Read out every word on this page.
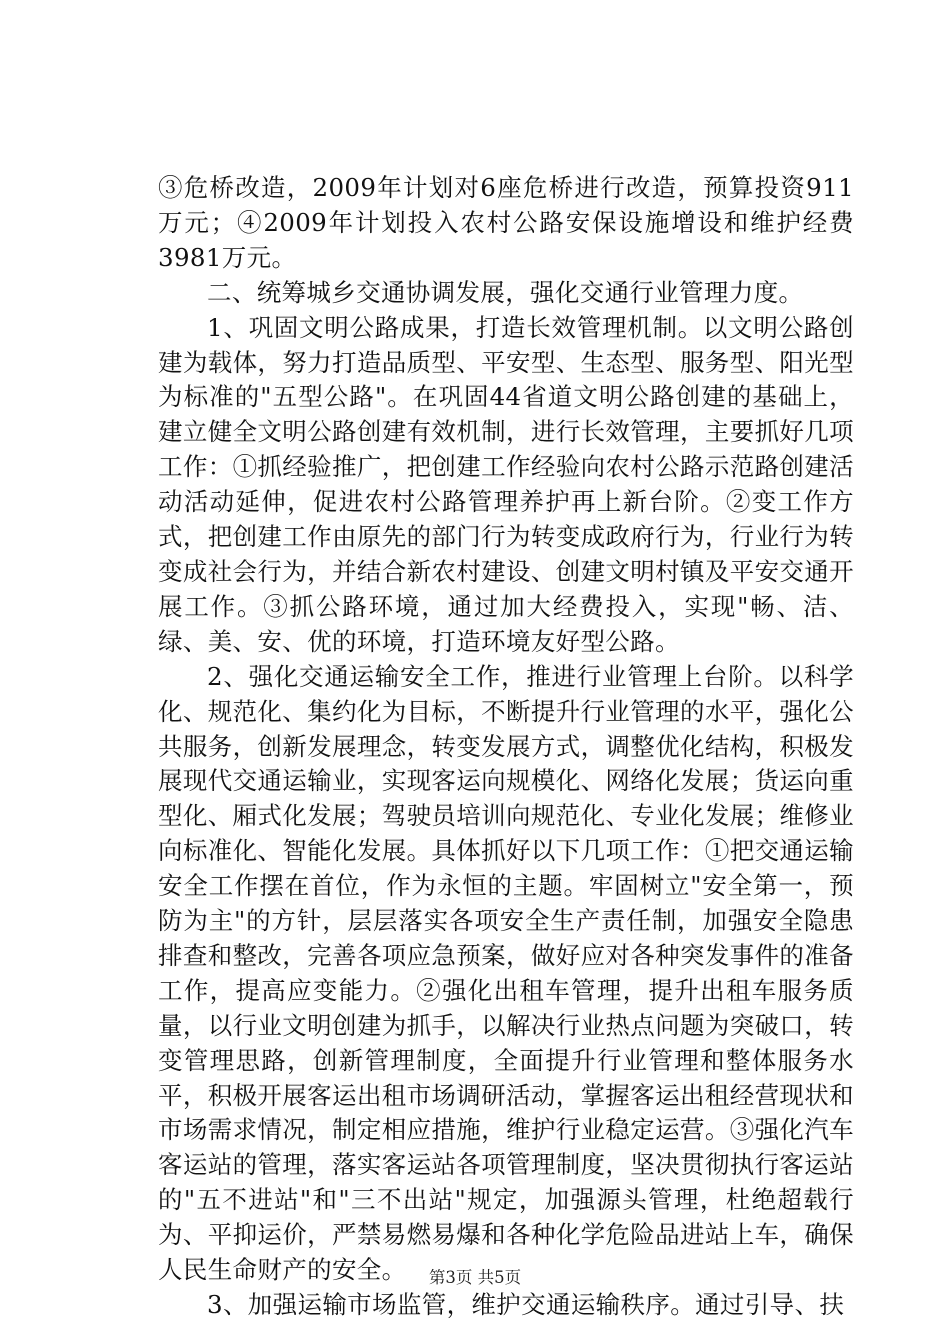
③危桥改造，2009年计划对6座危桥进行改造，预算投资911万元；④2009年计划投入农村公路安保设施增设和维护经费3981万元。

二、统筹城乡交通协调发展，强化交通行业管理力度。

1、巩固文明公路成果，打造长效管理机制。以文明公路创建为载体，努力打造品质型、平安型、生态型、服务型、阳光型为标准的"五型公路"。在巩固44省道文明公路创建的基础上，建立健全文明公路创建有效机制，进行长效管理，主要抓好几项工作：①抓经验推广，把创建工作经验向农村公路示范路创建活动活动延伸，促进农村公路管理养护再上新台阶。②变工作方式，把创建工作由原先的部门行为转变成政府行为，行业行为转变成社会行为，并结合新农村建设、创建文明村镇及平安交通开展工作。③抓公路环境，通过加大经费投入，实现"畅、洁、绿、美、安、优的环境，打造环境友好型公路。

2、强化交通运输安全工作，推进行业管理上台阶。以科学化、规范化、集约化为目标，不断提升行业管理的水平，强化公共服务，创新发展理念，转变发展方式，调整优化结构，积极发展现代交通运输业，实现客运向规模化、网络化发展；货运向重型化、厢式化发展；驾驶员培训向规范化、专业化发展；维修业向标准化、智能化发展。具体抓好以下几项工作：①把交通运输安全工作摆在首位，作为永恒的主题。牢固树立"安全第一，预防为主"的方针，层层落实各项安全生产责任制，加强安全隐患排查和整改，完善各项应急预案，做好应对各种突发事件的准备工作，提高应变能力。②强化出租车管理，提升出租车服务质量，以行业文明创建为抓手，以解决行业热点问题为突破口，转变管理思路，创新管理制度，全面提升行业管理和整体服务水平，积极开展客运出租市场调研活动，掌握客运出租经营现状和市场需求情况，制定相应措施，维护行业稳定运营。③强化汽车客运站的管理，落实客运站各项管理制度，坚决贯彻执行客运站的"五不进站"和"三不出站"规定，加强源头管理，杜绝超载行为、平抑运价，严禁易燃易爆和各种化学危险品进站上车，确保人民生命财产的安全。

3、加强运输市场监管，维护交通运输秩序。通过引导、扶

第3页 共5页
